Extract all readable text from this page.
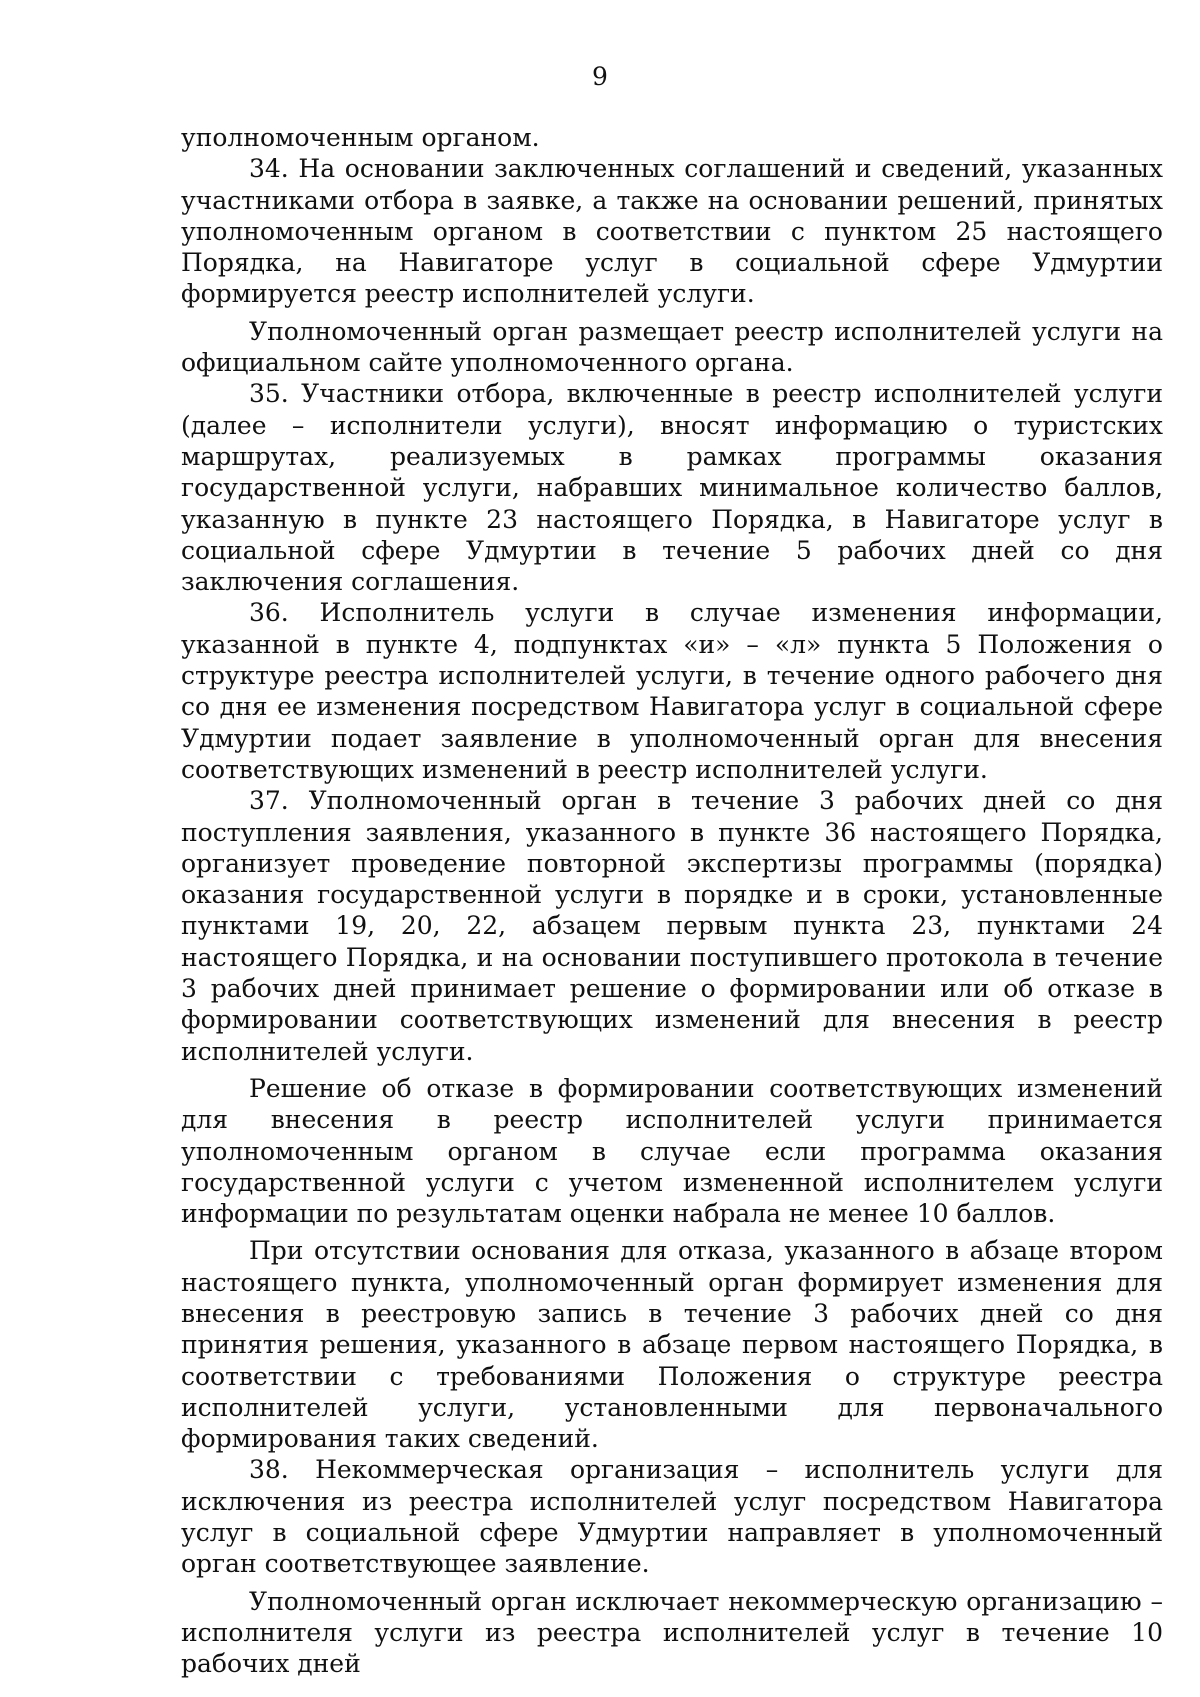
9

уполномоченным органом.

34. На основании заключенных соглашений и сведений, указанных участниками отбора в заявке, а также на основании решений, принятых уполномоченным органом в соответствии с пунктом 25 настоящего Порядка, на Навигаторе услуг в социальной сфере Удмуртии формируется реестр исполнителей услуги.

Уполномоченный орган размещает реестр исполнителей услуги на официальном сайте уполномоченного органа.

35. Участники отбора, включенные в реестр исполнителей услуги (далее – исполнители услуги), вносят информацию о туристских маршрутах, реализуемых в рамках программы оказания государственной услуги, набравших минимальное количество баллов, указанную в пункте 23 настоящего Порядка, в Навигаторе услуг в социальной сфере Удмуртии в течение 5 рабочих дней со дня заключения соглашения.

36. Исполнитель услуги в случае изменения информации, указанной в пункте 4, подпунктах «и» – «л» пункта 5 Положения о структуре реестра исполнителей услуги, в течение одного рабочего дня со дня ее изменения посредством Навигатора услуг в социальной сфере Удмуртии подает заявление в уполномоченный орган для внесения соответствующих изменений в реестр исполнителей услуги.

37. Уполномоченный орган в течение 3 рабочих дней со дня поступления заявления, указанного в пункте 36 настоящего Порядка, организует проведение повторной экспертизы программы (порядка) оказания государственной услуги в порядке и в сроки, установленные пунктами 19, 20, 22, абзацем первым пункта 23, пунктами 24 настоящего Порядка, и на основании поступившего протокола в течение 3 рабочих дней принимает решение о формировании или об отказе в формировании соответствующих изменений для внесения в реестр исполнителей услуги.

Решение об отказе в формировании соответствующих изменений для внесения в реестр исполнителей услуги принимается уполномоченным органом в случае если программа оказания государственной услуги с учетом измененной исполнителем услуги информации по результатам оценки набрала не менее 10 баллов.

При отсутствии основания для отказа, указанного в абзаце втором настоящего пункта, уполномоченный орган формирует изменения для внесения в реестровую запись в течение 3 рабочих дней со дня принятия решения, указанного в абзаце первом настоящего Порядка, в соответствии с требованиями Положения о структуре реестра исполнителей услуги, установленными для первоначального формирования таких сведений.

38. Некоммерческая организация – исполнитель услуги для исключения из реестра исполнителей услуг посредством Навигатора услуг в социальной сфере Удмуртии направляет в уполномоченный орган соответствующее заявление.

Уполномоченный орган исключает некоммерческую организацию – исполнителя услуги из реестра исполнителей услуг в течение 10 рабочих дней
